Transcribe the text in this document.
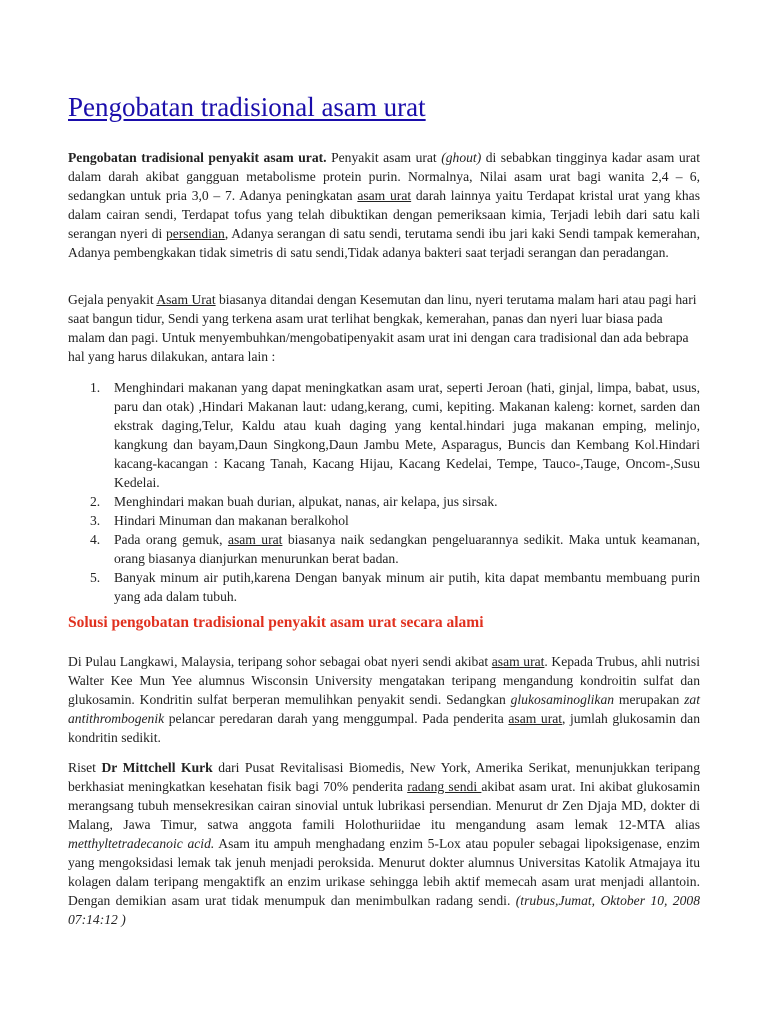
Pengobatan tradisional asam urat

Pengobatan tradisional penyakit asam urat. Penyakit asam urat (ghout) di sebabkan tingginya kadar asam urat dalam darah akibat gangguan metabolisme protein purin. Normalnya, Nilai asam urat bagi wanita 2,4 – 6, sedangkan untuk pria 3,0 – 7. Adanya peningkatan asam urat darah lainnya yaitu Terdapat kristal urat yang khas dalam cairan sendi, Terdapat tofus yang telah dibuktikan dengan pemeriksaan kimia, Terjadi lebih dari satu kali serangan nyeri di persendian, Adanya serangan di satu sendi, terutama sendi ibu jari kaki Sendi tampak kemerahan, Adanya pembengkakan tidak simetris di satu sendi,Tidak adanya bakteri saat terjadi serangan dan peradangan.

Gejala penyakit Asam Urat biasanya ditandai dengan Kesemutan dan linu, nyeri terutama malam hari atau pagi hari saat bangun tidur, Sendi yang terkena asam urat terlihat bengkak, kemerahan, panas dan nyeri luar biasa pada malam dan pagi. Untuk menyembuhkan/mengobatipenyakit asam urat ini dengan cara tradisional dan ada bebrapa hal yang harus dilakukan, antara lain :

1. Menghindari makanan yang dapat meningkatkan asam urat, seperti Jeroan (hati, ginjal, limpa, babat, usus, paru dan otak) ,Hindari Makanan laut: udang,kerang, cumi, kepiting. Makanan kaleng: kornet, sarden dan ekstrak daging,Telur, Kaldu atau kuah daging yang kental.hindari juga makanan emping, melinjo, kangkung dan bayam,Daun Singkong,Daun Jambu Mete, Asparagus, Buncis dan Kembang Kol.Hindari kacang-kacangan : Kacang Tanah, Kacang Hijau, Kacang Kedelai, Tempe, Tauco-,Tauge, Oncom-,Susu Kedelai.
2. Menghindari makan buah durian, alpukat, nanas, air kelapa, jus sirsak.
3. Hindari Minuman dan makanan beralkohol
4. Pada orang gemuk, asam urat biasanya naik sedangkan pengeluarannya sedikit. Maka untuk keamanan, orang biasanya dianjurkan menurunkan berat badan.
5. Banyak minum air putih,karena Dengan banyak minum air putih, kita dapat membantu membuang purin yang ada dalam tubuh.
Solusi pengobatan tradisional penyakit asam urat secara alami

Di Pulau Langkawi, Malaysia, teripang sohor sebagai obat nyeri sendi akibat asam urat. Kepada Trubus, ahli nutrisi Walter Kee Mun Yee alumnus Wisconsin University mengatakan teripang mengandung kondroitin sulfat dan glukosamin. Kondritin sulfat berperan memulihkan penyakit sendi. Sedangkan glukosaminoglikan merupakan zat antithrombogenik pelancar peredaran darah yang menggumpal. Pada penderita asam urat, jumlah glukosamin dan kondritin sedikit.

Riset Dr Mittchell Kurk dari Pusat Revitalisasi Biomedis, New York, Amerika Serikat, menunjukkan teripang berkhasiat meningkatkan kesehatan fisik bagi 70% penderita radang sendi akibat asam urat. Ini akibat glukosamin merangsang tubuh mensekresikan cairan sinovial untuk lubrikasi persendian. Menurut dr Zen Djaja MD, dokter di Malang, Jawa Timur, satwa anggota famili Holothuriidae itu mengandung asam lemak 12-MTA alias metthyltetradecanoic acid. Asam itu ampuh menghadang enzim 5-Lox atau populer sebagai lipoksigenase, enzim yang mengoksidasi lemak tak jenuh menjadi peroksida. Menurut dokter alumnus Universitas Katolik Atmajaya itu kolagen dalam teripang mengaktifk an enzim urikase sehingga lebih aktif memecah asam urat menjadi allantoin. Dengan demikian asam urat tidak menumpuk dan menimbulkan radang sendi. (trubus,Jumat, Oktober 10, 2008 07:14:12 )
